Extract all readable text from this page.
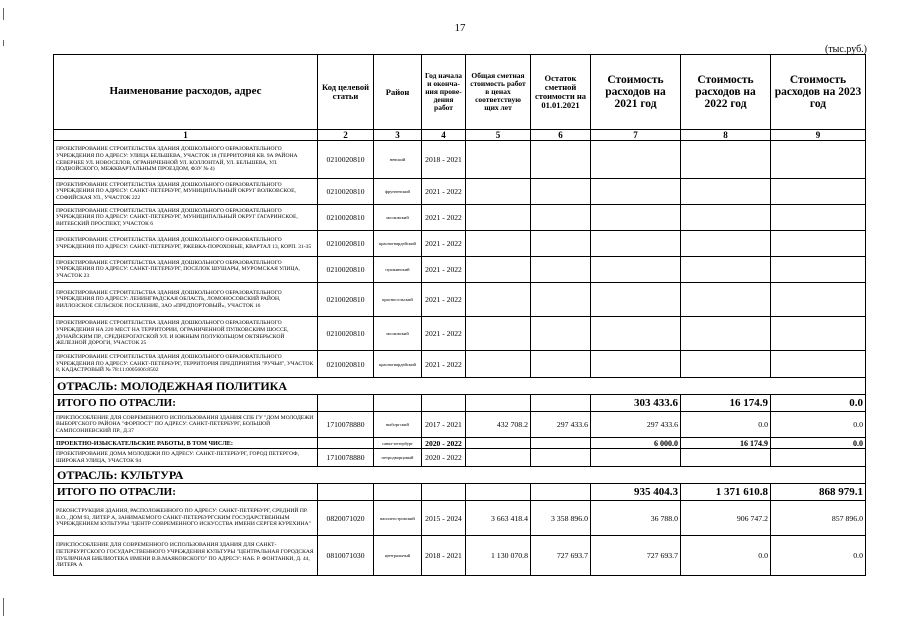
17
(тыс.руб.)
Наименование расходов, адрес	Код целевой статьи	Район	Год начала и оконча-ния прове-дения работ	Общая сметная стоимость работ в ценах соответствую щих лет	Остаток сметной стоимости на 01.01.2021	Стоимость расходов на 2021 год	Стоимость расходов на 2022 год	Стоимость расходов на 2023 год
1	2	3	4	5	6	7	8	9
ПРОЕКТИРОВАНИЕ СТРОИТЕЛЬСТВА ЗДАНИЯ ДОШКОЛЬНОГО ОБРАЗОВАТЕЛЬНОГО УЧРЕЖДЕНИЯ ПО АДРЕСУ: УЛИЦА БЕЛЬШЕВА, УЧАСТОК 18 (ТЕРРИТОРИЯ КВ. 9А РАЙОНА СЕВЕРНЕЕ УЛ. НОВОСЕЛОВ, ОГРАНИЧЕННОЙ УЛ. КОЛЛОНТАЙ, УЛ. БЕЛЬШЕВА, УЛ. ПОДВОЙСКОГО, МЕЖКВАРТАЛЬНЫМ ПРОЕЗДОМ, ФЗУ № 4)	0210020810	невский	2018 - 2021					
ПРОЕКТИРОВАНИЕ СТРОИТЕЛЬСТВА ЗДАНИЯ ДОШКОЛЬНОГО ОБРАЗОВАТЕЛЬНОГО УЧРЕЖДЕНИЯ ПО АДРЕСУ: САНКТ-ПЕТЕРБУРГ, МУНИЦИПАЛЬНЫЙ ОКРУГ ВОЛКОВСКОЕ, СОФИЙСКАЯ УЛ., УЧАСТОК 222	0210020810	фрунзенский	2021 - 2022					
ПРОЕКТИРОВАНИЕ СТРОИТЕЛЬСТВА ЗДАНИЯ ДОШКОЛЬНОГО ОБРАЗОВАТЕЛЬНОГО УЧРЕЖДЕНИЯ ПО АДРЕСУ: САНКТ-ПЕТЕРБУРГ, МУНИЦИПАЛЬНЫЙ ОКРУГ ГАГАРИНСКОЕ, ВИТЕБСКИЙ ПРОСПЕКТ, УЧАСТОК 6	0210020810	московский	2021 - 2022					
ПРОЕКТИРОВАНИЕ СТРОИТЕЛЬСТВА ЗДАНИЯ ДОШКОЛЬНОГО ОБРАЗОВАТЕЛЬНОГО УЧРЕЖДЕНИЯ ПО АДРЕСУ: САНКТ-ПЕТЕРБУРГ, РЖЕВКА-ПОРОХОВЫЕ, КВАРТАЛ 13, КОРП. 31-35	0210020810	красногвардейский	2021 - 2022					
ПРОЕКТИРОВАНИЕ СТРОИТЕЛЬСТВА ЗДАНИЯ ДОШКОЛЬНОГО ОБРАЗОВАТЕЛЬНОГО УЧРЕЖДЕНИЯ ПО АДРЕСУ: САНКТ-ПЕТЕРБУРГ, ПОСЕЛОК ШУШАРЫ, МУРОМСКАЯ УЛИЦА, УЧАСТОК 23	0210020810	пушкинский	2021 - 2022					
ПРОЕКТИРОВАНИЕ СТРОИТЕЛЬСТВА ЗДАНИЯ ДОШКОЛЬНОГО ОБРАЗОВАТЕЛЬНОГО УЧРЕЖДЕНИЯ ПО АДРЕСУ: ЛЕНИНГРАДСКАЯ ОБЛАСТЬ, ЛОМОНОСОВСКИЙ РАЙОН, ВИЛЛОЗСКОЕ СЕЛЬСКОЕ ПОСЕЛЕНИЕ, ЗАО «ПРЕДПОРТОВЫЙ», УЧАСТОК 16	0210020810	красносельский	2021 - 2022					
ПРОЕКТИРОВАНИЕ СТРОИТЕЛЬСТВА ЗДАНИЯ ДОШКОЛЬНОГО ОБРАЗОВАТЕЛЬНОГО УЧРЕЖДЕНИЯ НА 220 МЕСТ НА ТЕРРИТОРИИ, ОГРАНИЧЕННОЙ ПУЛКОВСКИМ ШОССЕ, ДУНАЙСКИМ ПР., СРЕДНЕРОГАТСКОЙ УЛ. И ЮЖНЫМ ПОЛУКОЛЬЦОМ ОКТЯБРЬСКОЙ ЖЕЛЕЗНОЙ ДОРОГИ, УЧАСТОК 25	0210020810	московский	2021 - 2022					
ПРОЕКТИРОВАНИЕ СТРОИТЕЛЬСТВА ЗДАНИЯ ДОШКОЛЬНОГО ОБРАЗОВАТЕЛЬНОГО УЧРЕЖДЕНИЯ ПО АДРЕСУ: САНКТ-ПЕТЕРБУРГ, ТЕРРИТОРИЯ ПРЕДПРИЯТИЯ "РУЧЬИ", УЧАСТОК 8, КАДАСТРОВЫЙ № 78:11:0005606:8502	0210020810	красногвардейский	2021 - 2022					
ОТРАСЛЬ: МОЛОДЕЖНАЯ ПОЛИТИКА								
ИТОГО ПО ОТРАСЛИ:						303 433.6	16 174.9	0.0
ПРИСПОСОБЛЕНИЕ ДЛЯ СОВРЕМЕННОГО ИСПОЛЬЗОВАНИЯ ЗДАНИЯ СПБ ГУ "ДОМ МОЛОДЕЖИ ВЫБОРГСКОГО РАЙОНА "ФОРПОСТ" ПО АДРЕСУ: САНКТ-ПЕТЕРБУРГ, БОЛЬШОЙ САМПСОНИЕВСКИЙ ПР., Д.37	1710078880	выборгский	2017 - 2021	432 708.2	297 433.6	297 433.6	0.0	0.0
ПРОЕКТНО-ИЗЫСКАТЕЛЬСКИЕ РАБОТЫ, В ТОМ ЧИСЛЕ:		санкт-петербург	2020 - 2022			6 000.0	16 174.9	0.0
ПРОЕКТИРОВАНИЕ ДОМА МОЛОДЕЖИ ПО АДРЕСУ: САНКТ-ПЕТЕРБУРГ, ГОРОД ПЕТЕРГОФ, ШИРОКАЯ УЛИЦА, УЧАСТОК 94	1710078880	петродворцовый	2020 - 2022					
ОТРАСЛЬ: КУЛЬТУРА								
ИТОГО ПО ОТРАСЛИ:						935 404.3	1 371 610.8	868 979.1
РЕКОНСТРУКЦИЯ ЗДАНИЯ, РАСПОЛОЖЕННОГО ПО АДРЕСУ: САНКТ-ПЕТЕРБУРГ, СРЕДНИЙ ПР. В.О., ДОМ 93, ЛИТЕР А, ЗАНИМАЕМОГО САНКТ-ПЕТЕРБУРГСКИМ ГОСУДАРСТВЕННЫМ УЧРЕЖДЕНИЕМ КУЛЬТУРЫ "ЦЕНТР СОВРЕМЕННОГО ИСКУССТВА ИМЕНИ СЕРГЕЯ КУРЕХИНА"	0820071020	василеостровский	2015 - 2024	3 663 418.4	3 358 896.0	36 788.0	906 747.2	857 896.0
ПРИСПОСОБЛЕНИЕ ДЛЯ СОВРЕМЕННОГО ИСПОЛЬЗОВАНИЯ ЗДАНИЯ ДЛЯ САНКТ-ПЕТЕРБУРГСКОГО ГОСУДАРСТВЕННОГО УЧРЕЖДЕНИЯ КУЛЬТУРЫ "ЦЕНТРАЛЬНАЯ ГОРОДСКАЯ ПУБЛИЧНАЯ БИБЛИОТЕКА ИМЕНИ В.В.МАЯКОВСКОГО" ПО АДРЕСУ: НАБ. Р. ФОНТАНКИ, Д. 44, ЛИТЕРА А	0810071030	центральный	2018 - 2021	1 130 070.8	727 693.7	727 693.7	0.0	0.0
